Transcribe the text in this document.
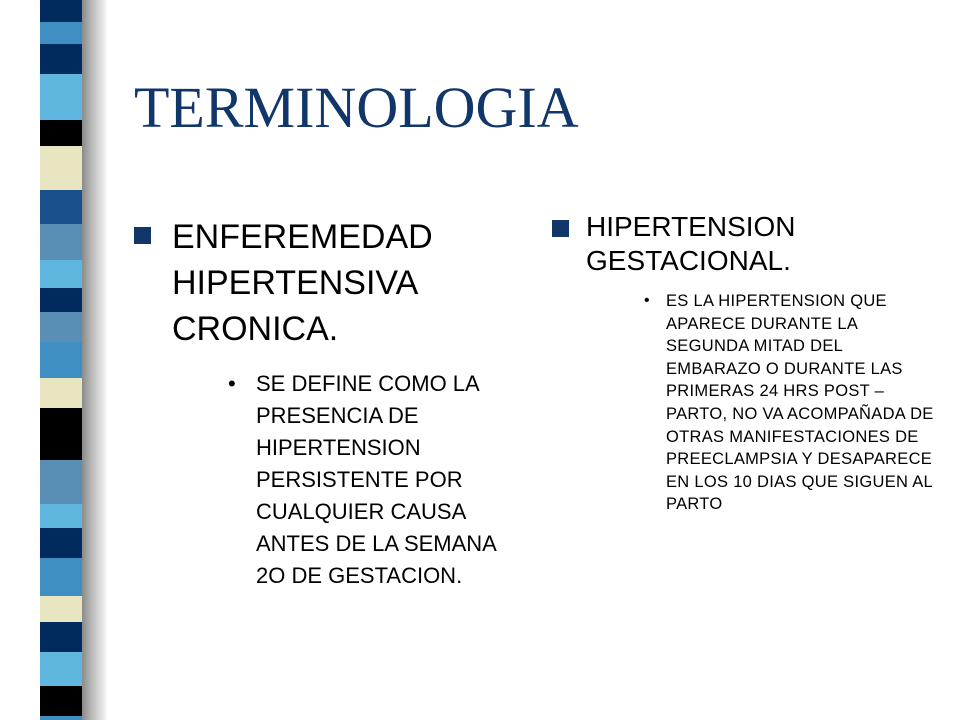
TERMINOLOGIA
ENFEREMEDAD HIPERTENSIVA CRONICA.
• SE DEFINE COMO LA PRESENCIA DE HIPERTENSION PERSISTENTE POR CUALQUIER CAUSA ANTES DE LA SEMANA 2O DE GESTACION.
HIPERTENSION GESTACIONAL.
• ES LA HIPERTENSION QUE APARECE DURANTE LA SEGUNDA MITAD DEL EMBARAZO O DURANTE LAS PRIMERAS 24 HRS POST –PARTO, NO VA ACOMPAÑADA DE OTRAS MANIFESTACIONES DE PREECLAMPSIA Y DESAPARECE EN LOS 10 DIAS QUE SIGUEN AL PARTO
